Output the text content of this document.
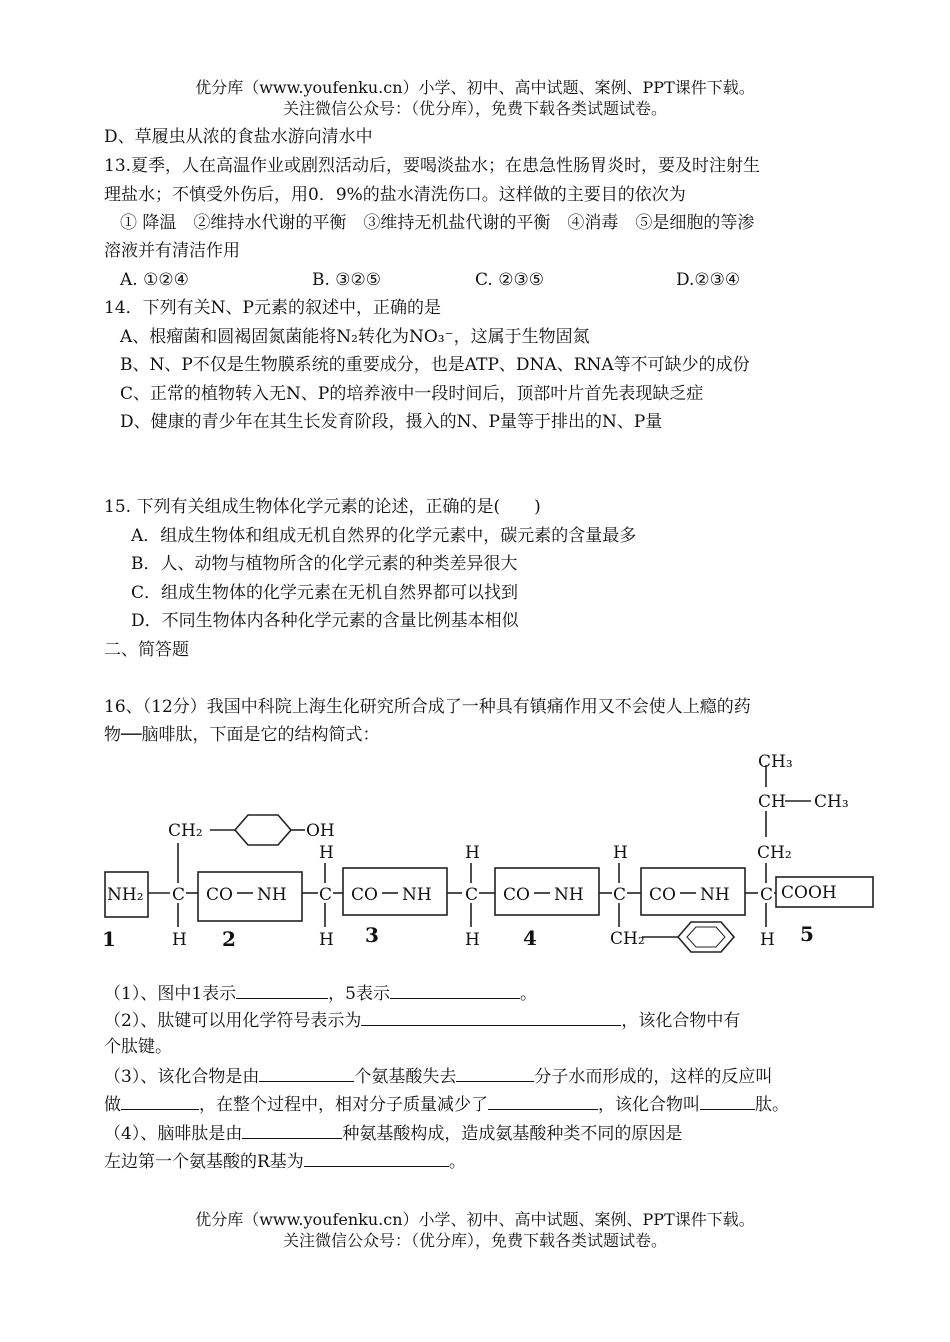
优分库（www.youfenku.cn）小学、初中、高中试题、案例、PPT课件下载。
关注微信公众号：（优分库），免费下载各类试题试卷。
D、草履虫从浓的食盐水游向清水中
13.夏季，人在高温作业或剧烈活动后，要喝淡盐水；在患急性肠胃炎时，要及时注射生
理盐水；不慎受外伤后，用0．9%的盐水清洗伤口。这样做的主要目的依次为
① 降温　②维持水代谢的平衡　③维持无机盐代谢的平衡　④消毒　⑤是细胞的等渗
溶液并有清洁作用
A. ①②④	B. ③②⑤	C. ②③⑤	D.②③④
14．下列有关N、P元素的叙述中，正确的是
A、根瘤菌和圆褐固氮菌能将N₂转化为NO₃⁻，这属于生物固氮
B、N、P不仅是生物膜系统的重要成分，也是ATP、DNA、RNA等不可缺少的成份
C、正常的植物转入无N、P的培养液中一段时间后，顶部叶片首先表现缺乏症
D、健康的青少年在其生长发育阶段，摄入的N、P量等于排出的N、P量
15. 下列有关组成生物体化学元素的论述，正确的是(　　)
A．组成生物体和组成无机自然界的化学元素中，碳元素的含量最多
B．人、动物与植物所含的化学元素的种类差异很大
C．组成生物体的化学元素在无机自然界都可以找到
D．不同生物体内各种化学元素的含量比例基本相似
二、简答题
16、（12分）我国中科院上海生化研究所合成了一种具有镇痛作用又不会使人上瘾的药
物──脑啡肽，下面是它的结构简式：
NH₂ C
H
CH₂	OH
CO NH C
H
H
CO NH C
H
H
CO NH C
H
CH₂
CO NH C
H
CH₂
CH
CH₃
CH₃
COOH
1	2	3	4	5
（1）、图中1表示	，5表示	。
（2）、肽键可以用化学符号表示为	，该化合物中有
个肽键。
（3）、该化合物是由	个氨基酸失去	分子水而形成的，这样的反应叫
做	，在整个过程中，相对分子质量减少了	，该化合物叫	肽。
（4）、脑啡肽是由	种氨基酸构成，造成氨基酸种类不同的原因是
左边第一个氨基酸的R基为	。
优分库（www.youfenku.cn）小学、初中、高中试题、案例、PPT课件下载。
关注微信公众号：（优分库），免费下载各类试题试卷。
